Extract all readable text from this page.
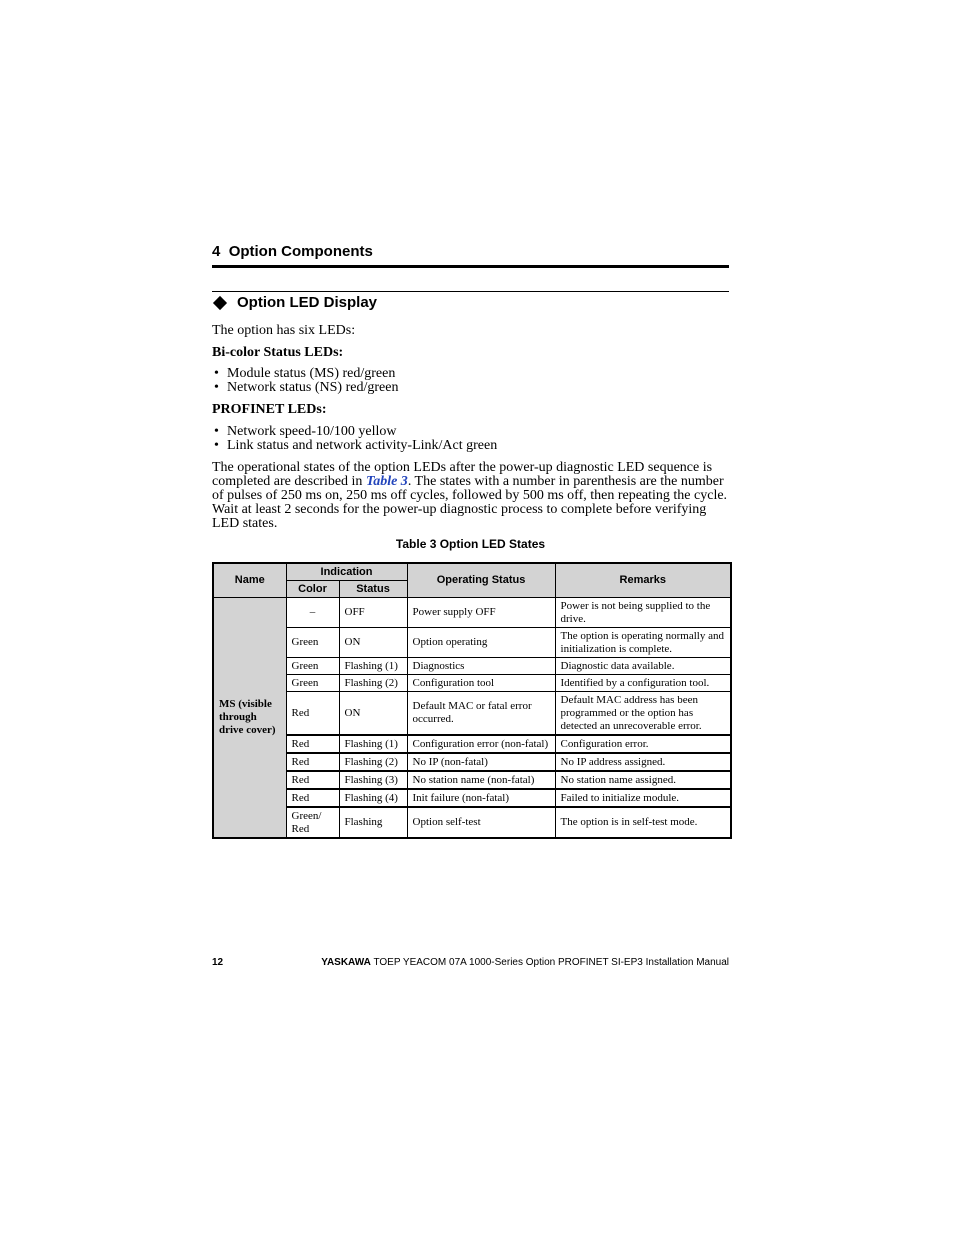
4 Option Components
Option LED Display
The option has six LEDs:
Bi-color Status LEDs:
• Module status (MS) red/green
• Network status (NS) red/green
PROFINET LEDs:
• Network speed-10/100 yellow
• Link status and network activity-Link/Act green
The operational states of the option LEDs after the power-up diagnostic LED sequence is completed are described in Table 3. The states with a number in parenthesis are the number of pulses of 250 ms on, 250 ms off cycles, followed by 500 ms off, then repeating the cycle. Wait at least 2 seconds for the power-up diagnostic process to complete before verifying LED states.
Table 3 Option LED States
Name	Indication		Operating Status	Remarks
	Color	Status		
MS (visible through drive cover)	–	OFF	Power supply OFF	Power is not being supplied to the drive.
	Green	ON	Option operating	The option is operating normally and initialization is complete.
	Green	Flashing (1)	Diagnostics	Diagnostic data available.
	Green	Flashing (2)	Configuration tool	Identified by a configuration tool.
	Red	ON	Default MAC or fatal error occurred.	Default MAC address has been programmed or the option has detected an unrecoverable error.
	Red	Flashing (1)	Configuration error (non-fatal)	Configuration error.
	Red	Flashing (2)	No IP (non-fatal)	No IP address assigned.
	Red	Flashing (3)	No station name (non-fatal)	No station name assigned.
	Red	Flashing (4)	Init failure (non-fatal)	Failed to initialize module.
	Green/ Red	Flashing	Option self-test	The option is in self-test mode.
12	YASKAWA TOEP YEACOM 07A 1000-Series Option PROFINET SI-EP3 Installation Manual
